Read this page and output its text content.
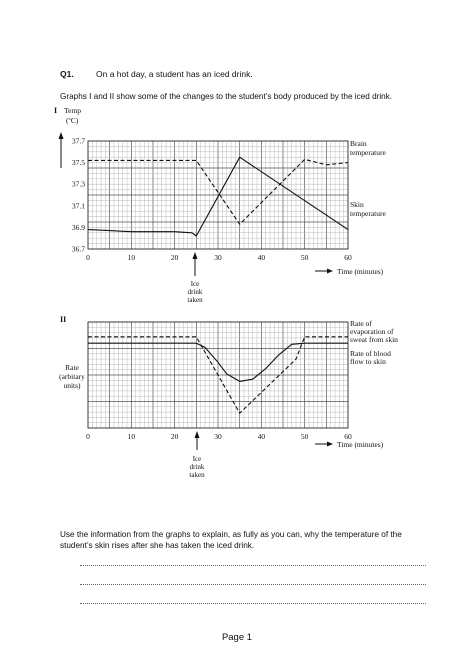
Q1.	On a hot day, a student has an iced drink.
Graphs I and II show some of the changes to the student’s body produced by the iced drink.
I Temp
(ºC)
36.7
36.9
37.1
37.3
37.5
37.7
0	10	20	30	40	50	60
Time (minutes)
Ice
drink
taken
Brain
temperature
Skin
temperature
II
Rate
(arbitary
units)
0	10	20	30	40	50	60
Time (minutes)
Ice
drink
taken
Rate of
evaporation of
sweat from skin
Rate of blood
flow to skin
Use the information from the graphs to explain, as fully as you can, why the temperature of the student’s skin rises after she has taken the iced drink.
Page 1
